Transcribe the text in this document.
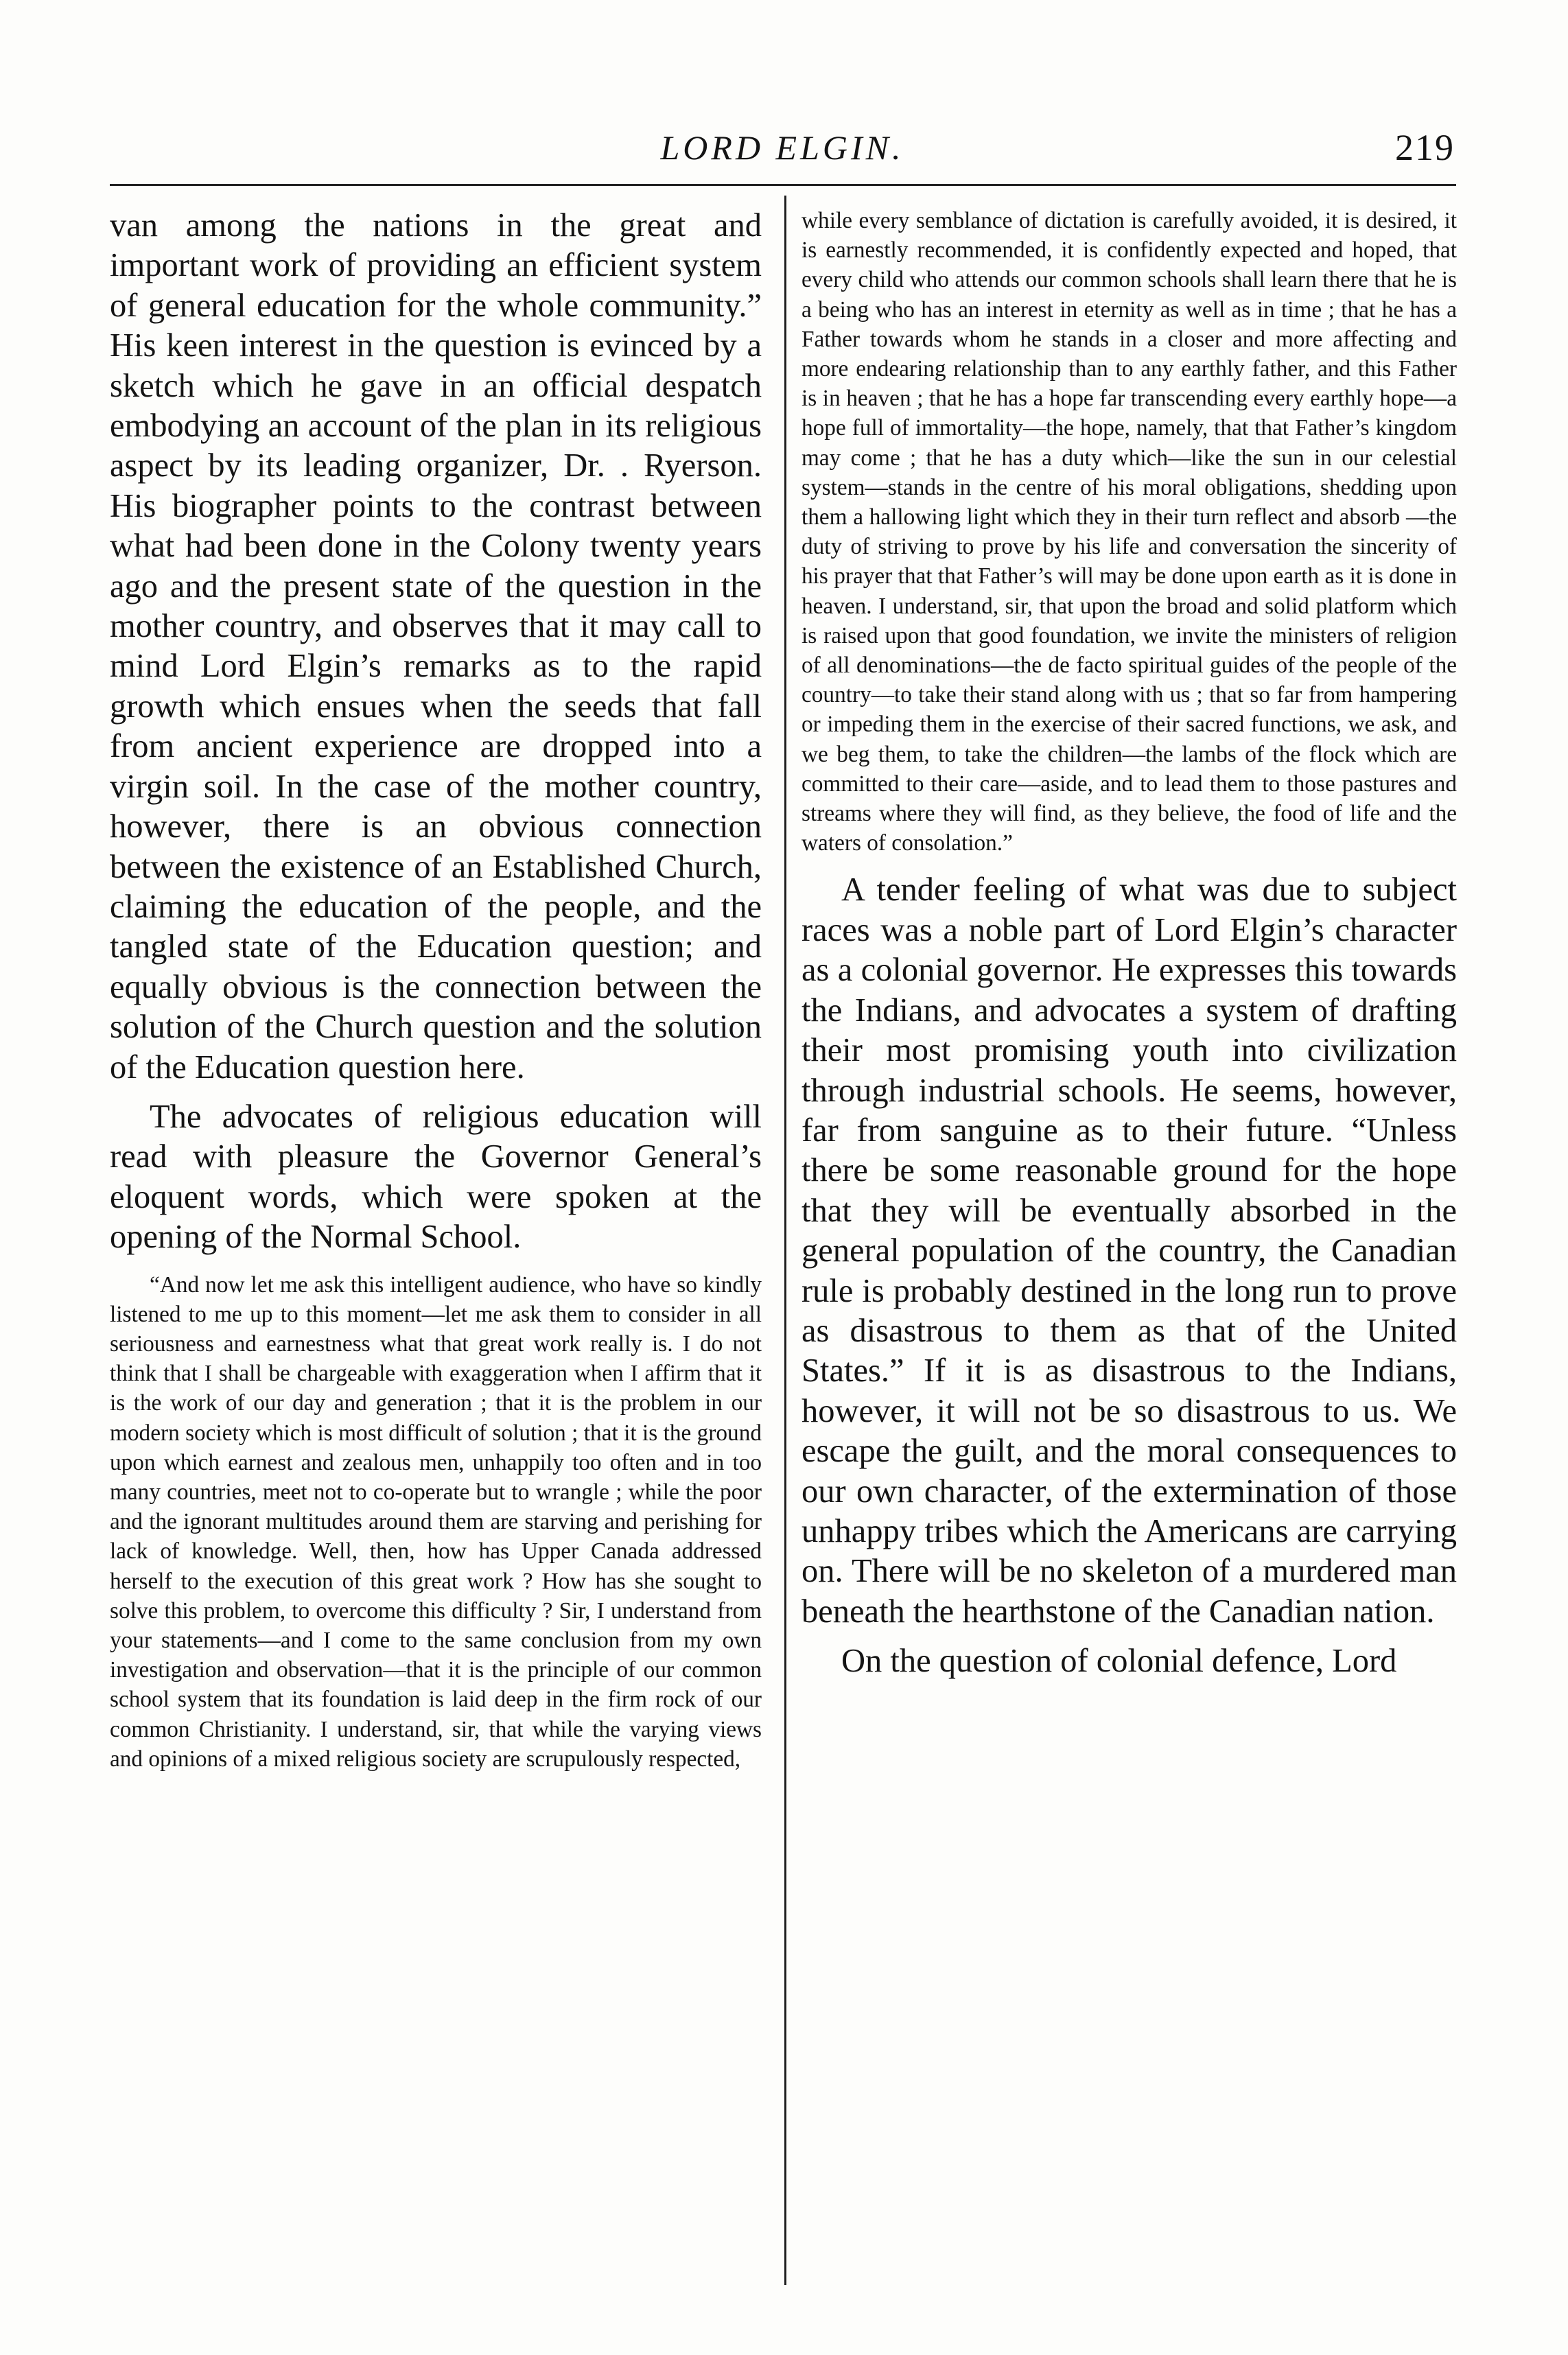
LORD ELGIN.	219

van among the nations in the great and important work of providing an efficient system of general education for the whole community.” His keen interest in the question is evinced by a sketch which he gave in an official despatch embodying an account of the plan in its religious aspect by its leading organizer, Dr. . Ryerson. His biographer points to the contrast between what had been done in the Colony twenty years ago and the present state of the question in the mother country, and observes that it may call to mind Lord Elgin’s remarks as to the rapid growth which ensues when the seeds that fall from ancient experience are dropped into a virgin soil. In the case of the mother country, however, there is an obvious connection between the existence of an Established Church, claiming the education of the people, and the tangled state of the Education question; and equally obvious is the connection between the solution of the Church question and the solution of the Education question here.

The advocates of religious education will read with pleasure the Governor General’s eloquent words, which were spoken at the opening of the Normal School.

“And now let me ask this intelligent audience, who have so kindly listened to me up to this moment—let me ask them to consider in all seriousness and earnestness what that great work really is. I do not think that I shall be chargeable with exaggeration when I affirm that it is the work of our day and generation ; that it is the problem in our modern society which is most difficult of solution ; that it is the ground upon which earnest and zealous men, unhappily too often and in too many countries, meet not to co-operate but to wrangle ; while the poor and the ignorant multitudes around them are starving and perishing for lack of knowledge. Well, then, how has Upper Canada addressed herself to the execution of this great work ? How has she sought to solve this problem, to overcome this difficulty ? Sir, I understand from your statements—and I come to the same conclusion from my own investigation and observation—that it is the principle of our common school system that its foundation is laid deep in the firm rock of our common Christianity. I understand, sir, that while the varying views and opinions of a mixed religious society are scrupulously respected,

while every semblance of dictation is carefully avoided, it is desired, it is earnestly recommended, it is confidently expected and hoped, that every child who attends our common schools shall learn there that he is a being who has an interest in eternity as well as in time ; that he has a Father towards whom he stands in a closer and more affecting and more endearing relationship than to any earthly father, and this Father is in heaven ; that he has a hope far transcending every earthly hope—a hope full of immortality—the hope, namely, that that Father’s kingdom may come ; that he has a duty which—like the sun in our celestial system—stands in the centre of his moral obligations, shedding upon them a hallowing light which they in their turn reflect and absorb —the duty of striving to prove by his life and conversation the sincerity of his prayer that that Father’s will may be done upon earth as it is done in heaven. I understand, sir, that upon the broad and solid platform which is raised upon that good foundation, we invite the ministers of religion of all denominations—the de facto spiritual guides of the people of the country—to take their stand along with us ; that so far from hampering or impeding them in the exercise of their sacred functions, we ask, and we beg them, to take the children—the lambs of the flock which are committed to their care—aside, and to lead them to those pastures and streams where they will find, as they believe, the food of life and the waters of consolation.”

A tender feeling of what was due to subject races was a noble part of Lord Elgin’s character as a colonial governor. He expresses this towards the Indians, and advocates a system of drafting their most promising youth into civilization through industrial schools. He seems, however, far from sanguine as to their future. “Unless there be some reasonable ground for the hope that they will be eventually absorbed in the general population of the country, the Canadian rule is probably destined in the long run to prove as disastrous to them as that of the United States.” If it is as disastrous to the Indians, however, it will not be so disastrous to us. We escape the guilt, and the moral consequences to our own character, of the extermination of those unhappy tribes which the Americans are carrying on. There will be no skeleton of a murdered man beneath the hearthstone of the Canadian nation.

On the question of colonial defence, Lord
